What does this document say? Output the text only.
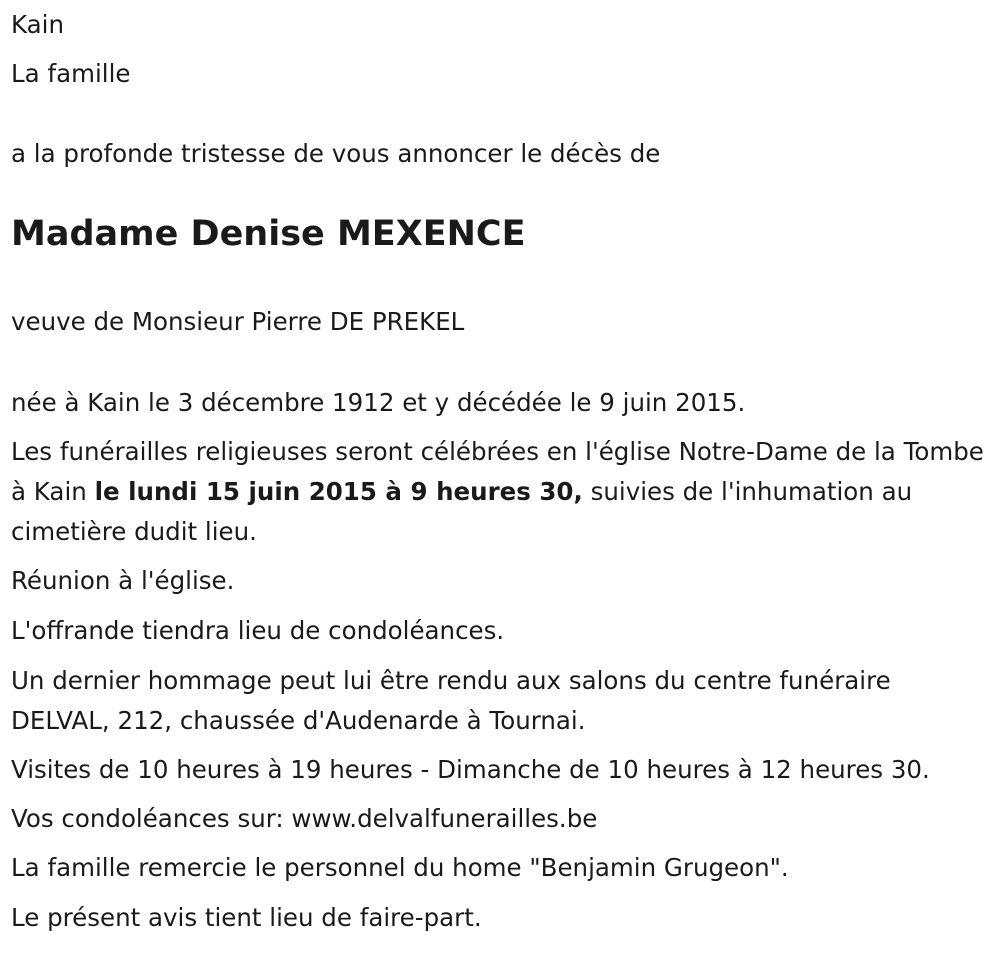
Kain
La famille
a la profonde tristesse de vous annoncer le décès de
Madame Denise MEXENCE
veuve de Monsieur Pierre DE PREKEL
née à Kain le 3 décembre 1912 et y décédée le 9 juin 2015.
Les funérailles religieuses seront célébrées en l'église Notre-Dame de la Tombe à Kain le lundi 15 juin 2015 à 9 heures 30, suivies de l'inhumation au cimetière dudit lieu.
Réunion à l'église.
L'offrande tiendra lieu de condoléances.
Un dernier hommage peut lui être rendu aux salons du centre funéraire DELVAL, 212, chaussée d'Audenarde à Tournai.
Visites de 10 heures à 19 heures - Dimanche de 10 heures à 12 heures 30.
Vos condoléances sur: www.delvalfunerailles.be
La famille remercie le personnel du home "Benjamin Grugeon".
Le présent avis tient lieu de faire-part.
